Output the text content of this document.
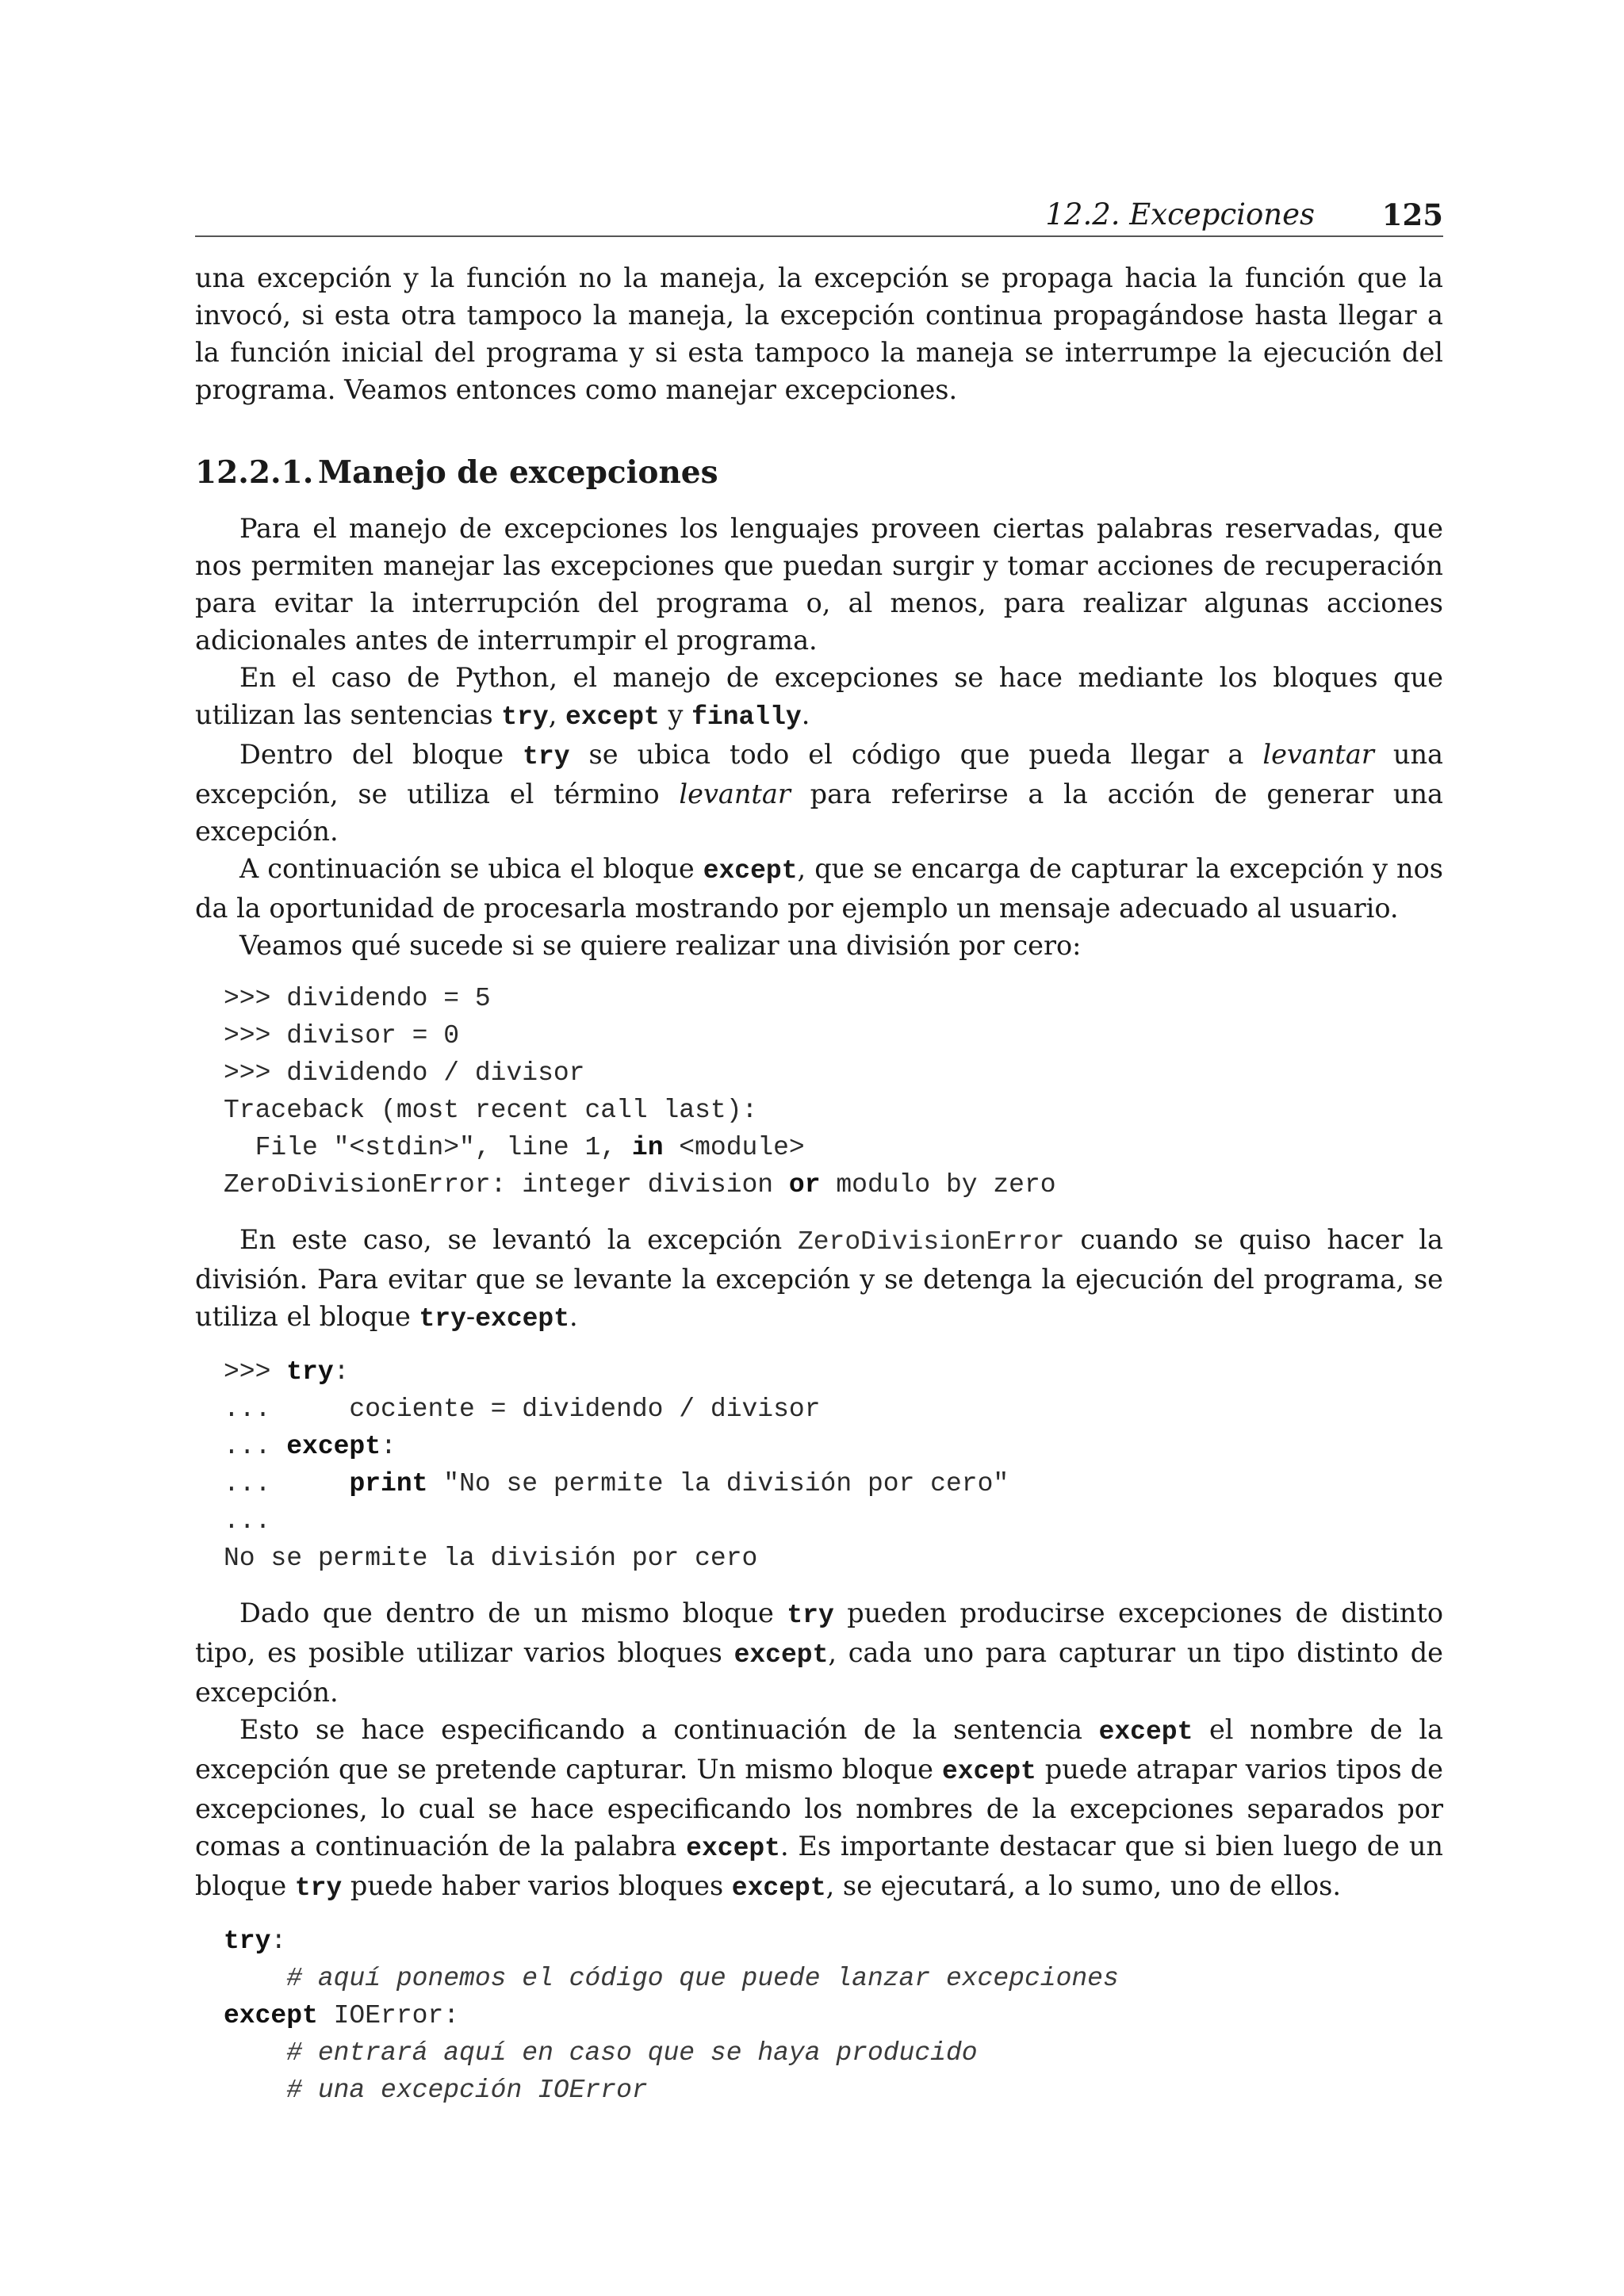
12.2. Excepciones 125

una excepción y la función no la maneja, la excepción se propaga hacia la función que la invocó, si esta otra tampoco la maneja, la excepción continua propagándose hasta llegar a la función inicial del programa y si esta tampoco la maneja se interrumpe la ejecución del programa. Veamos entonces como manejar excepciones.

12.2.1. Manejo de excepciones

Para el manejo de excepciones los lenguajes proveen ciertas palabras reservadas, que nos permiten manejar las excepciones que puedan surgir y tomar acciones de recuperación para evitar la interrupción del programa o, al menos, para realizar algunas acciones adicionales antes de interrumpir el programa.

En el caso de Python, el manejo de excepciones se hace mediante los bloques que utilizan las sentencias try, except y finally.

Dentro del bloque try se ubica todo el código que pueda llegar a levantar una excepción, se utiliza el término levantar para referirse a la acción de generar una excepción.

A continuación se ubica el bloque except, que se encarga de capturar la excepción y nos da la oportunidad de procesarla mostrando por ejemplo un mensaje adecuado al usuario.

Veamos qué sucede si se quiere realizar una división por cero:

>>> dividendo = 5
>>> divisor = 0
>>> dividendo / divisor
Traceback (most recent call last):
File "<stdin>", line 1, in <module>
ZeroDivisionError: integer division or modulo by zero

En este caso, se levantó la excepción ZeroDivisionError cuando se quiso hacer la división. Para evitar que se levante la excepción y se detenga la ejecución del programa, se utiliza el bloque try-except.

>>> try:
...     cociente = dividendo / divisor
... except:
...     print "No se permite la división por cero"
...
No se permite la división por cero

Dado que dentro de un mismo bloque try pueden producirse excepciones de distinto tipo, es posible utilizar varios bloques except, cada uno para capturar un tipo distinto de excepción.

Esto se hace especificando a continuación de la sentencia except el nombre de la excepción que se pretende capturar. Un mismo bloque except puede atrapar varios tipos de excepciones, lo cual se hace especificando los nombres de la excepciones separados por comas a continuación de la palabra except. Es importante destacar que si bien luego de un bloque try puede haber varios bloques except, se ejecutará, a lo sumo, uno de ellos.

try:
# aquí ponemos el código que puede lanzar excepciones
except IOError:
# entrará aquí en caso que se haya producido
# una excepción IOError
